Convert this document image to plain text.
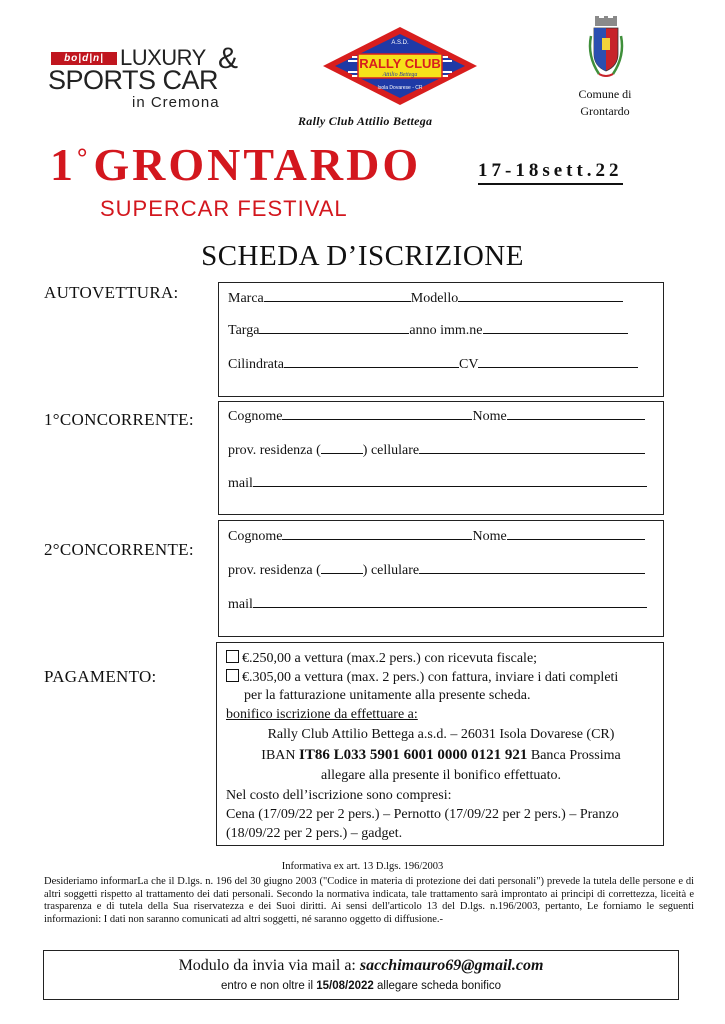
bo|d|n| LUXURY &
SPORTS CAR
in Cremona
A.S.D.
RALLY CLUB
Attilio Bettega
Isola Dovarese - CR
Rally Club Attilio Bettega
Comune di
Grontardo
1° GRONTARDO
SUPERCAR FESTIVAL
17-18sett.22
SCHEDA D’ISCRIZIONE
AUTOVETTURA:	Marca	Modello
Targa	anno imm.ne
Cilindrata	CV
1°CONCORRENTE: Cognome	Nome
prov. residenza (	) cellulare
mail
2°CONCORRENTE:
Cognome	Nome
prov. residenza (	) cellulare
mail
PAGAMENTO:
€.250,00 a vettura (max.2 pers.) con ricevuta fiscale;
€.305,00 a vettura (max. 2 pers.) con fattura, inviare i dati completi
per la fatturazione unitamente alla presente scheda.
bonifico iscrizione da effettuare a:
Rally Club Attilio Bettega a.s.d. – 26031 Isola Dovarese (CR)
IBAN IT86 L033 5901 6001 0000 0121 921 Banca Prossima
allegare alla presente il bonifico effettuato.
Nel costo dell’iscrizione sono compresi:
Cena (17/09/22 per 2 pers.) – Pernotto (17/09/22 per 2 pers.) – Pranzo
(18/09/22 per 2 pers.) – gadget.
Informativa ex art. 13 D.lgs. 196/2003
Desideriamo informarLa che il D.lgs. n. 196 del 30 giugno 2003 ("Codice in materia di protezione dei dati personali") prevede la tutela delle persone e di altri soggetti rispetto al trattamento dei dati personali. Secondo la normativa indicata, tale trattamento sarà improntato ai principi di correttezza, liceità e trasparenza e di tutela della Sua riservatezza e dei Suoi diritti. Ai sensi dell'articolo 13 del D.lgs. n.196/2003, pertanto, Le forniamo le seguenti informazioni: I dati non saranno comunicati ad altri soggetti, né saranno oggetto di diffusione.-
Modulo da invia via mail a: sacchimauro69@gmail.com
entro e non oltre il 15/08/2022 allegare scheda bonifico
